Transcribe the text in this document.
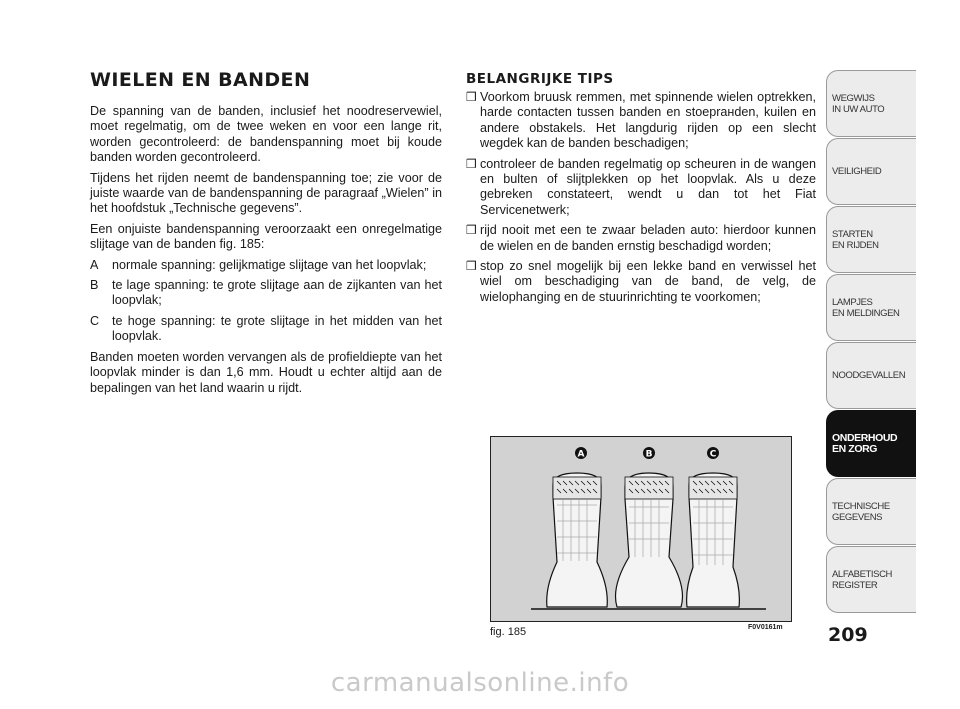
WIELEN EN BANDEN

De spanning van de banden, inclusief het noodreservewiel, moet regelmatig, om de twee weken en voor een lange rit, worden gecontroleerd: de bandenspanning moet bij koude banden worden gecontroleerd.

Tijdens het rijden neemt de bandenspanning toe; zie voor de juiste waarde van de bandenspanning de paragraaf „Wielen” in het hoofdstuk „Technische gegevens”.

Een onjuiste bandenspanning veroorzaakt een onregelmatige slijtage van de banden fig. 185:

A	normale spanning: gelijkmatige slijtage van het loopvlak;
B	te lage spanning: te grote slijtage aan de zijkanten van het loopvlak;
C	te hoge spanning: te grote slijtage in het midden van het loopvlak.

Banden moeten worden vervangen als de profieldiepte van het loopvlak minder is dan 1,6 mm. Houdt u echter altijd aan de bepalingen van het land waarin u rijdt.

BELANGRIJKE TIPS
❒ Voorkom bruusk remmen, met spinnende wielen optrekken, harde contacten tussen banden en stoeprанden, kuilen en andere obstakels. Het langdurig rijden op een slecht wegdek kan de banden beschadigen;
❒ controleer de banden regelmatig op scheuren in de wangen en bulten of slijtplekken op het loopvlak. Als u deze gebreken constateert, wendt u dan tot het Fiat Servicenetwerk;
❒ rijd nooit met een te zwaar beladen auto: hierdoor kunnen de wielen en de banden ernstig beschadigd worden;
❒ stop zo snel mogelijk bij een lekke band en verwissel het wiel om beschadiging van de band, de velg, de wielophanging en de stuurinrichting te voorkomen;
A	B	C
fig. 185	F0V0161m 209
WEGWIJS
IN UW AUTO
VEILIGHEID
STARTEN
EN RIJDEN
LAMPJES
EN MELDINGEN
NOODGEVALLEN
ONDERHOUD
EN ZORG
TECHNISCHE
GEGEVENS
ALFABETISCH
REGISTER
carmanualsonline.info
